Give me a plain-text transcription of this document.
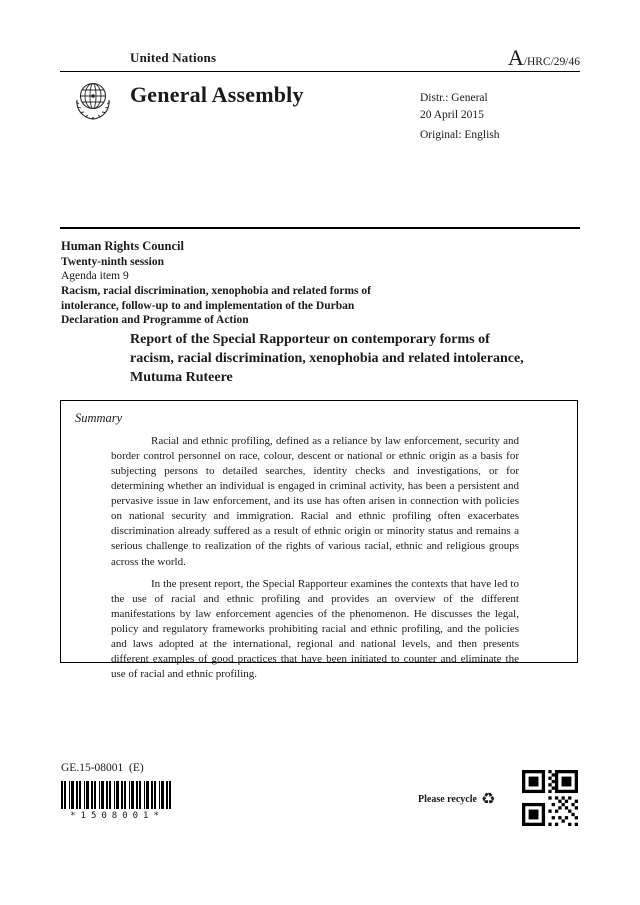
United Nations	A/HRC/29/46
General Assembly	Distr.: General
20 April 2015
Original: English
Human Rights Council
Twenty-ninth session
Agenda item 9
Racism, racial discrimination, xenophobia and related forms of intolerance, follow-up to and implementation of the Durban Declaration and Programme of Action
Report of the Special Rapporteur on contemporary forms of racism, racial discrimination, xenophobia and related intolerance, Mutuma Ruteere
Summary

Racial and ethnic profiling, defined as a reliance by law enforcement, security and border control personnel on race, colour, descent or national or ethnic origin as a basis for subjecting persons to detailed searches, identity checks and investigations, or for determining whether an individual is engaged in criminal activity, has been a persistent and pervasive issue in law enforcement, and its use has often arisen in connection with policies on national security and immigration. Racial and ethnic profiling often exacerbates discrimination already suffered as a result of ethnic origin or minority status and remains a serious challenge to realization of the rights of various racial, ethnic and religious groups across the world.

In the present report, the Special Rapporteur examines the contexts that have led to the use of racial and ethnic profiling and provides an overview of the different manifestations by law enforcement agencies of the phenomenon. He discusses the legal, policy and regulatory frameworks prohibiting racial and ethnic profiling, and the policies and laws adopted at the international, regional and national levels, and then presents different examples of good practices that have been initiated to counter and eliminate the use of racial and ethnic profiling.

GE.15-08001  (E)
*1508001*
Please recycle ♻
